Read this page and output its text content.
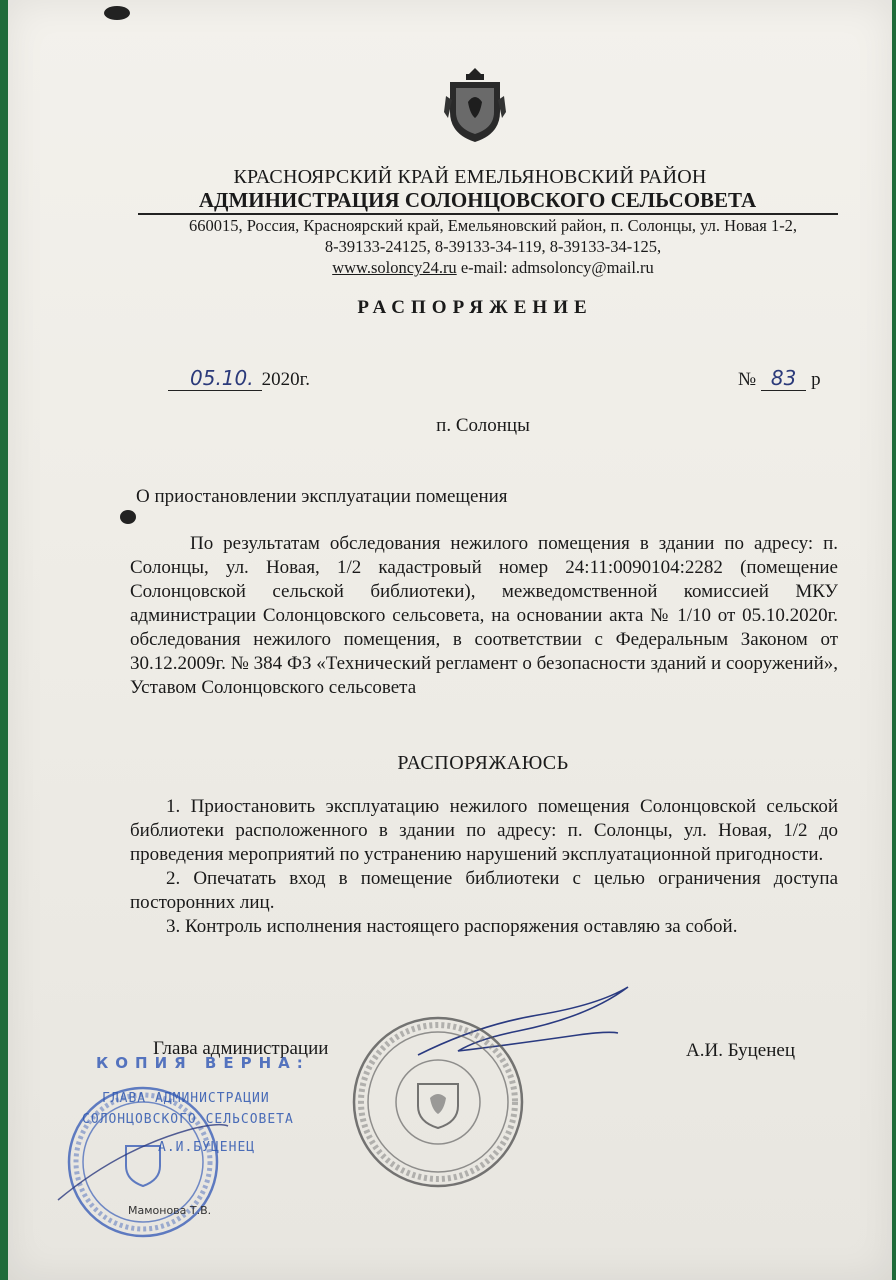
КРАСНОЯРСКИЙ КРАЙ ЕМЕЛЬЯНОВСКИЙ РАЙОН
АДМИНИСТРАЦИЯ СОЛОНЦОВСКОГО СЕЛЬСОВЕТА
660015, Россия, Красноярский край, Емельяновский район, п. Солонцы, ул. Новая 1-2,
8-39133-24125, 8-39133-34-119, 8-39133-34-125,
www.soloncy24.ru e-mail: admsoloncy@mail.ru
РАСПОРЯЖЕНИЕ
05.10. 2020г.	№ 83 р
п. Солонцы
О приостановлении эксплуатации помещения
По результатам обследования нежилого помещения в здании по адресу: п. Солонцы, ул. Новая, 1/2 кадастровый номер 24:11:0090104:2282 (помещение Солонцовской сельской библиотеки), межведомственной комиссией МКУ администрации Солонцовского сельсовета, на основании акта № 1/10 от 05.10.2020г. обследования нежилого помещения, в соответствии с Федеральным Законом от 30.12.2009г. № 384 ФЗ «Технический регламент о безопасности зданий и сооружений», Уставом Солонцовского сельсовета
РАСПОРЯЖАЮСЬ

1. Приостановить эксплуатацию нежилого помещения Солонцовской сельской библиотеки расположенного в здании по адресу: п. Солонцы, ул. Новая, 1/2 до проведения мероприятий по устранению нарушений эксплуатационной пригодности.

2. Опечатать вход в помещение библиотеки с целью ограничения доступа посторонних лиц.

3. Контроль исполнения настоящего распоряжения оставляю за собой.

Глава администрации	А.И. Буценец
КОПИЯ ВЕРНА:
ГЛАВА АДМИНИСТРАЦИИ
СОЛОНЦОВСКОГО СЕЛЬСОВЕТА
А.И.БУЦЕНЕЦ
Мамонова Т.В.
